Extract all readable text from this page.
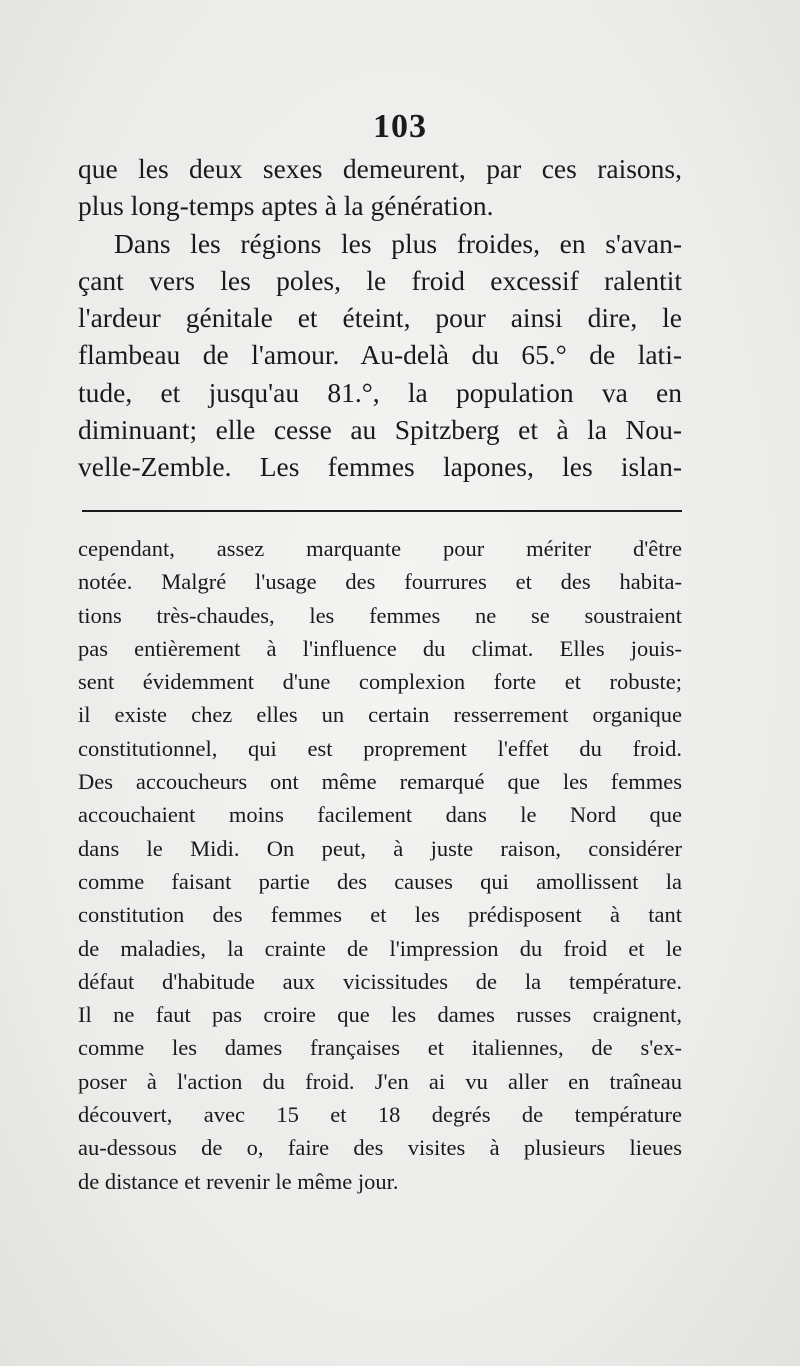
103
que les deux sexes demeurent, par ces raisons,
plus long-temps aptes à la génération.
Dans les régions les plus froides, en s'avan-
çant vers les poles, le froid excessif ralentit
l'ardeur génitale et éteint, pour ainsi dire, le
flambeau de l'amour. Au-delà du 65.° de lati-
tude, et jusqu'au 81.°, la population va en
diminuant; elle cesse au Spitzberg et à la Nou-
velle-Zemble. Les femmes lapones, les islan-
cependant, assez marquante pour mériter d'être
notée. Malgré l'usage des fourrures et des habita-
tions très-chaudes, les femmes ne se soustraient
pas entièrement à l'influence du climat. Elles jouis-
sent évidemment d'une complexion forte et robuste;
il existe chez elles un certain resserrement organique
constitutionnel, qui est proprement l'effet du froid.
Des accoucheurs ont même remarqué que les femmes
accouchaient moins facilement dans le Nord que
dans le Midi. On peut, à juste raison, considérer
comme faisant partie des causes qui amollissent la
constitution des femmes et les prédisposent à tant
de maladies, la crainte de l'impression du froid et le
défaut d'habitude aux vicissitudes de la température.
Il ne faut pas croire que les dames russes craignent,
comme les dames françaises et italiennes, de s'ex-
poser à l'action du froid. J'en ai vu aller en traîneau
découvert, avec 15 et 18 degrés de température
au-dessous de o, faire des visites à plusieurs lieues
de distance et revenir le même jour.
